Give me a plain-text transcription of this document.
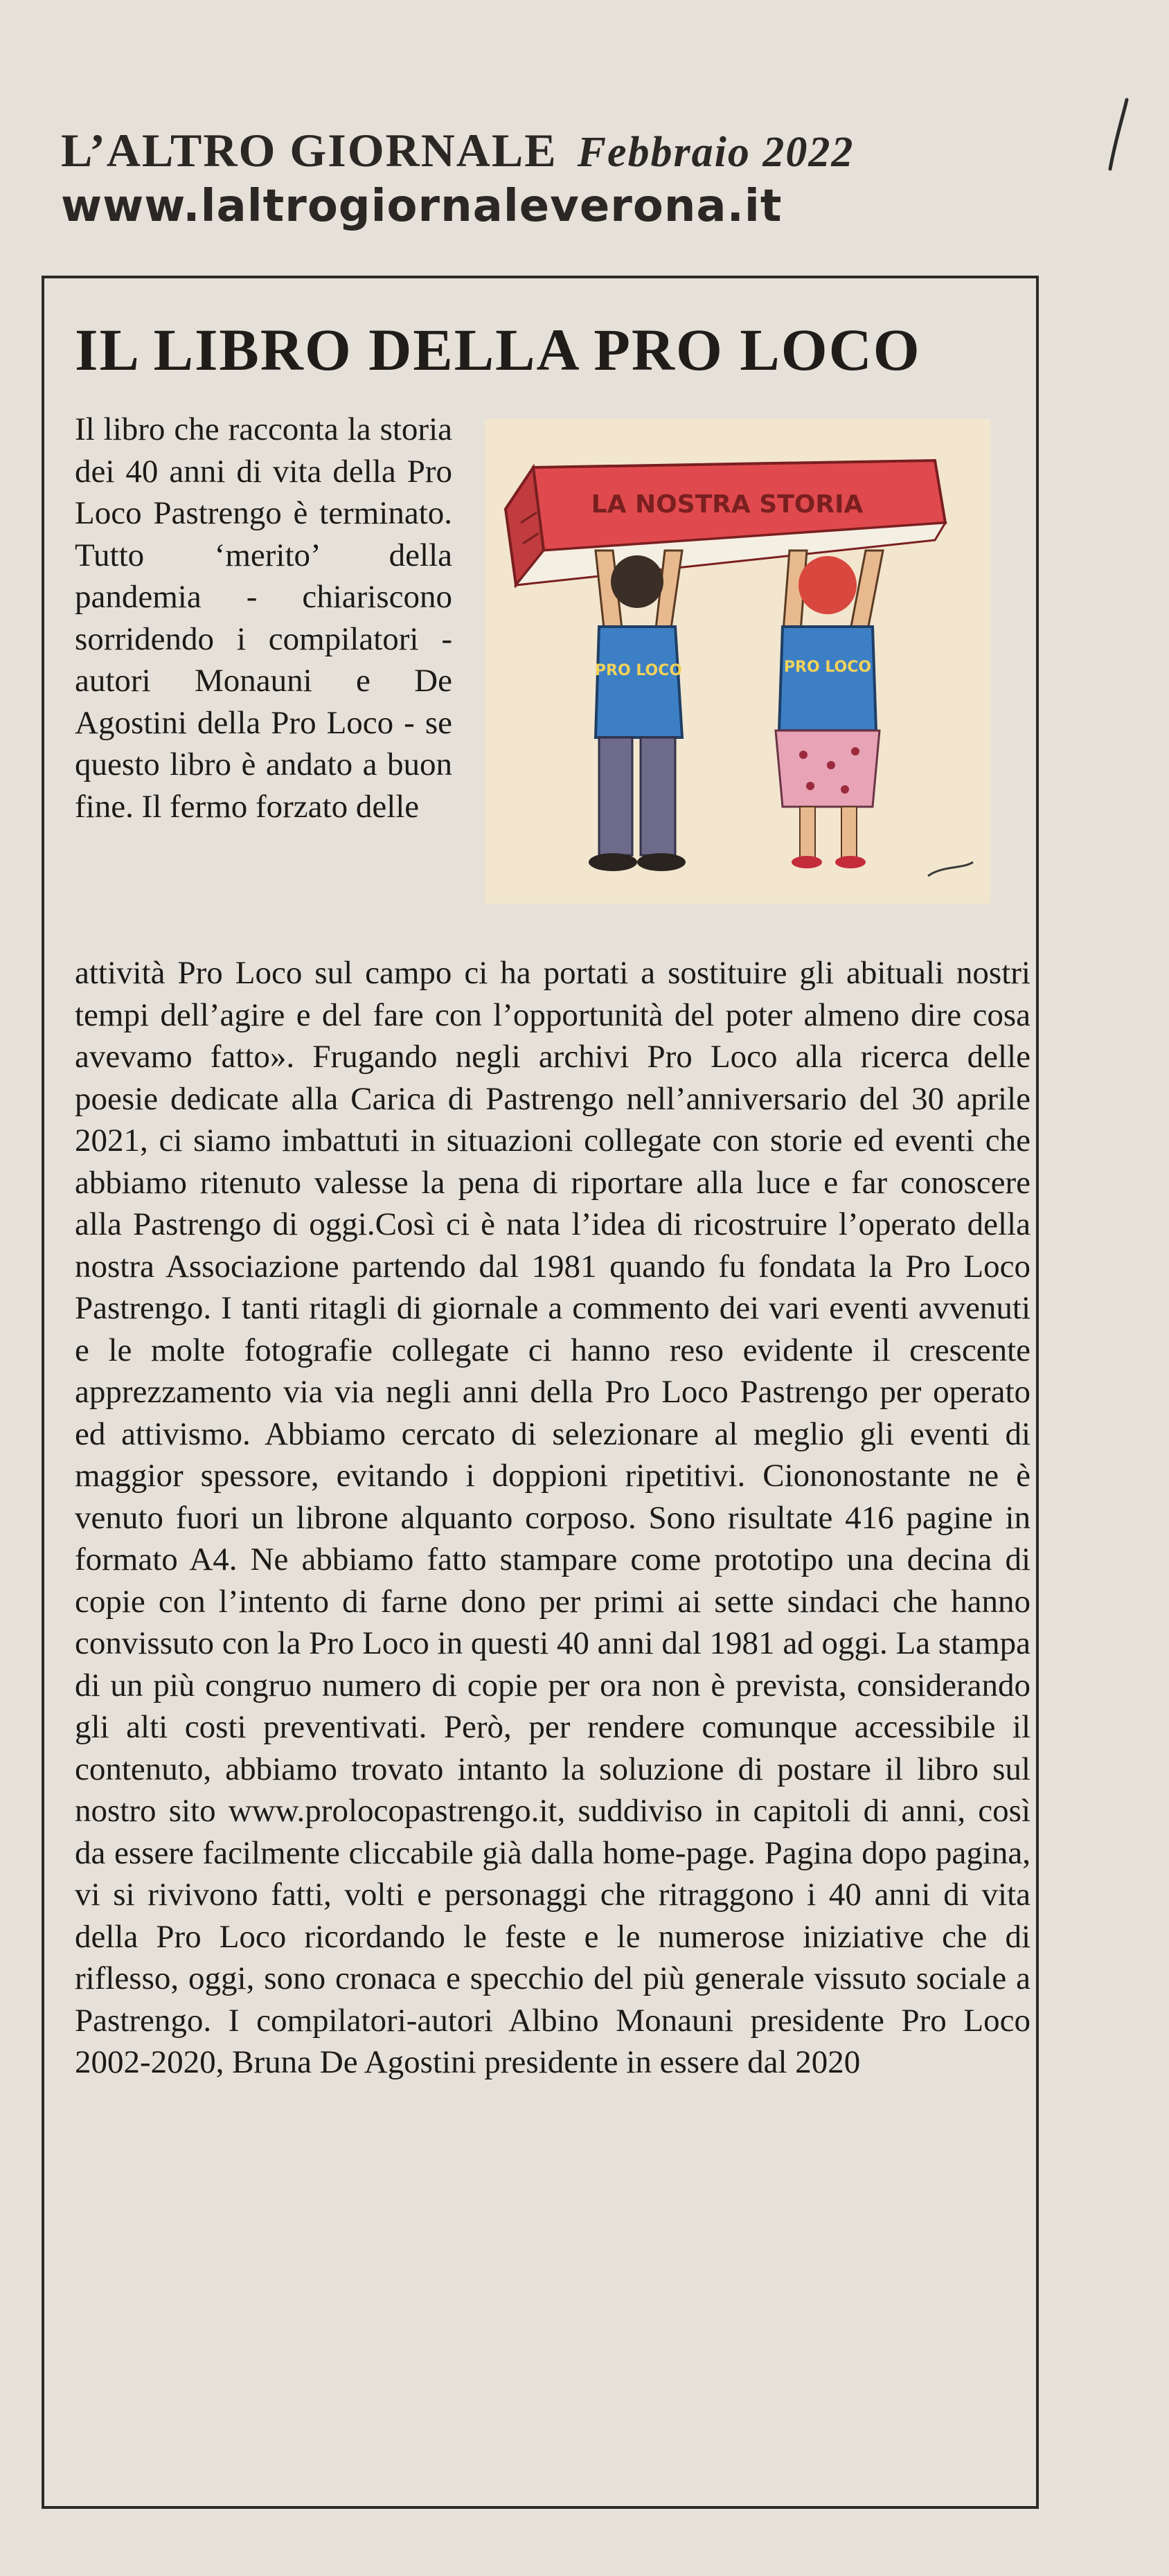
L’ALTRO GIORNALE Febbraio 2022
www.laltrogiornaleverona.it
IL LIBRO DELLA PRO LOCO
Il libro che racconta la storia dei 40 anni di vita della Pro Loco Pastrengo è terminato. Tutto ‘merito’ della pandemia - chiariscono sorridendo i compilatori - autori Monauni e De Agostini della Pro Loco - se questo libro è andato a buon fine. Il fermo forzato delle
LA NOSTRA STORIA
PRO LOCO	PRO LOCO
attività Pro Loco sul campo ci ha portati a sostituire gli abituali nostri tempi dell’agire e del fare con l’opportunità del poter almeno dire cosa avevamo fatto». Frugando negli archivi Pro Loco alla ricerca delle poesie dedicate alla Carica di Pastrengo nell’anniversario del 30 aprile 2021, ci siamo imbattuti in situazioni collegate con storie ed eventi che abbiamo ritenuto valesse la pena di riportare alla luce e far conoscere alla Pastrengo di oggi.Così ci è nata l’idea di ricostruire l’operato della nostra Associazione partendo dal 1981 quando fu fondata la Pro Loco Pastrengo. I tanti ritagli di giornale a commento dei vari eventi avvenuti e le molte fotografie collegate ci hanno reso evidente il crescente apprezzamento via via negli anni della Pro Loco Pastrengo per operato ed attivismo. Abbiamo cercato di selezionare al meglio gli eventi di maggior spessore, evitando i doppioni ripetitivi. Ciononostante ne è venuto fuori un librone alquanto corposo. Sono risultate 416 pagine in formato A4. Ne abbiamo fatto stampare come prototipo una decina di copie con l’intento di farne dono per primi ai sette sindaci che hanno convissuto con la Pro Loco in questi 40 anni dal 1981 ad oggi. La stampa di un più congruo numero di copie per ora non è prevista, considerando gli alti costi preventivati. Però, per rendere comunque accessibile il contenuto, abbiamo trovato intanto la soluzione di postare il libro sul nostro sito www.prolocopastrengo.it, suddiviso in capitoli di anni, così da essere facilmente cliccabile già dalla home-page. Pagina dopo pagina, vi si rivivono fatti, volti e personaggi che ritraggono i 40 anni di vita della Pro Loco ricordando le feste e le numerose iniziative che di riflesso, oggi, sono cronaca e specchio del più generale vissuto sociale a Pastrengo. I compilatori-autori Albino Monauni presidente Pro Loco 2002-2020, Bruna De Agostini presidente in essere dal 2020
